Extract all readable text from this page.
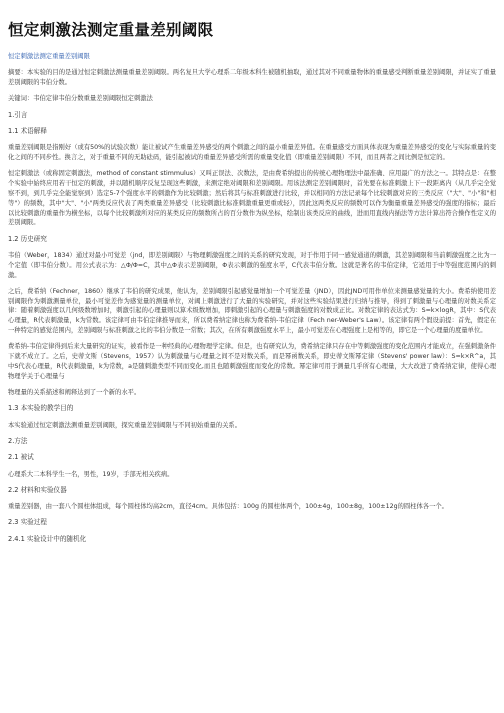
恒定刺激法测定重量差别阈限
恒定刺激法测定重量差别阈限
摘要：本实验的目的是通过恒定刺激法测量重量差别阈限。两名复旦大学心理系二年级本科生被随机抽取，通过其对不同重量物体的重量感受判断重量差别阈限，并证实了重量差别阈限的韦伯分数。
关键词：韦伯定律韦伯分数重量差别阈限恒定刺激法
1.引言
1.1 术语解释
重量差别阈限是指刚好（或有50%的试验次数）能让被试产生重量差异感受的两个刺激之间的最小重量差异值。在重量感受方面具体表现为重量差异感受的变化与实际重量的变化之间的不同步性。换言之，对于重量不同的无助砝码，能引起被试的重量差异感受所需的重量变化值（即重量差别阈限）不同，而且两者之间比例是恒定的。
恒定刺激法（或称固定刺激法，method of constant stimmulus）又叫正误法、次数法，是由费希纳提出的传统心理物理法中最准确、应用最广的方法之一。其特点是：在整个实验中始终应用若干恒定的刺激，并以随机顺序反复呈现这些刺激，来测定绝对阈限和差别阈限。用该法测定差别阈限时，首先要在标准刺激上下一段距离内（从几乎完全觉察不到，到几乎完全能觉察到）选定5-7个强度水平的刺激作为比较刺激；然后将其与标准刺激进行比较，并以相同的方法记录每个比较刺激对应的三类反应（"大"、"小"和"相等"）的频数，其中"大"、"小"两类反应代表了两类重量差异感受（比较刺激比标准刺激重量更重或轻），因此这两类反应的频数可以作为衡量重量差异感受的强度的指标；最后以比较刺激的重量作为横坐标，以每个比较刺激所对应的某类反应的频数所占的百分数作为纵坐标，绘制出该类反应的曲线，进而用直线内插法等方法计算出符合操作性定义的差别阈限。
1.2 历史研究
韦伯（Weber，1834）通过对最小可觉差（jnd，即差别阈限）与物理刺激强度之间的关系的研究发现，对于作用于同一感觉通道的刺激，其差别阈限和当前刺激强度之比为一个定值（即韦伯分数）。用公式表示为：△Φ/Φ=C，其中△Φ表示差别阈限，Φ表示刺激的强度水平，C代表韦伯分数。这就是著名的韦伯定律，它适用于中等强度范围内的刺激。
之后，费希纳（Fechner，1860）继承了韦伯的研究成果，他认为，差别阈限引起感觉量增加一个可觉差量（JND），因此JND可用作单位来测量感觉量的大小。费希纳使用差别阈限作为刺激测量单位，最小可觉差作为感觉量的测量单位，对阈上刺激进行了大量的实验研究，并对这些实验结果进行归纳与推导，得到了刺激量与心理量的对数关系定律：随着刺激强度以几何级数增加时，刺激引起的心理量则以算术级数增加，即刺激引起的心理量与刺激强度的对数成正比。对数定律的表达式为：S=k×logR，其中：S代表心理量，R代表刺激量，k为常数。该定律可由韦伯定律推导而来，所以费希纳定律也称为费希纳-韦伯定律（Fech ner-Weber's Law）。该定律有两个假设前提：首先，假定在一种特定的感觉范围内，差别阈限与标准刺激之比的韦伯分数是一常数；其次，在所有刺激强度水平上，最小可觉差在心理强度上是相等的，即它是一个心理量的度量单位。
费希纳-韦伯定律得到后来大量研究的证实，被看作是一种经典的心理物理学定律。但是，也有研究认为，费希纳定律只存在中等刺激强度的变化范围内才能成立，在强刺激条件下就不成立了。之后，史蒂文斯（Stevens，1957）认为刺激量与心理量之间不是对数关系，而是幂函数关系，即史蒂文斯幂定律（Stevens' power law）：S=k×R^a，其中S代表心理量，R代表刺激量，k为常数，a是随刺激类型不同而变化,而且也随刺激强度而变化的常数。幂定律可用于测量几乎所有心理量，大大改进了费希纳定律，使得心理物理学关于心理量与
物理量的关系描述和阐释达到了一个新的水平。
1.3 本实验的教学目的
本实验通过恒定刺激法测重量差别阈限，探究重量差别阈限与不同初始重量的关系。
2.方法
2.1 被试
心理系大二本科学生一名，男性，19岁，手部无相关疾病。
2.2 材料和实验仪器
重量差别器，由一套八个圆柱体组成，每个圆柱体均高2cm，直径4cm。具体包括：100g 的圆柱体两个，100±4g，100±8g，100±12g的圆柱体各一个。
2.3 实验过程
2.4.1 实验设计中的随机化
